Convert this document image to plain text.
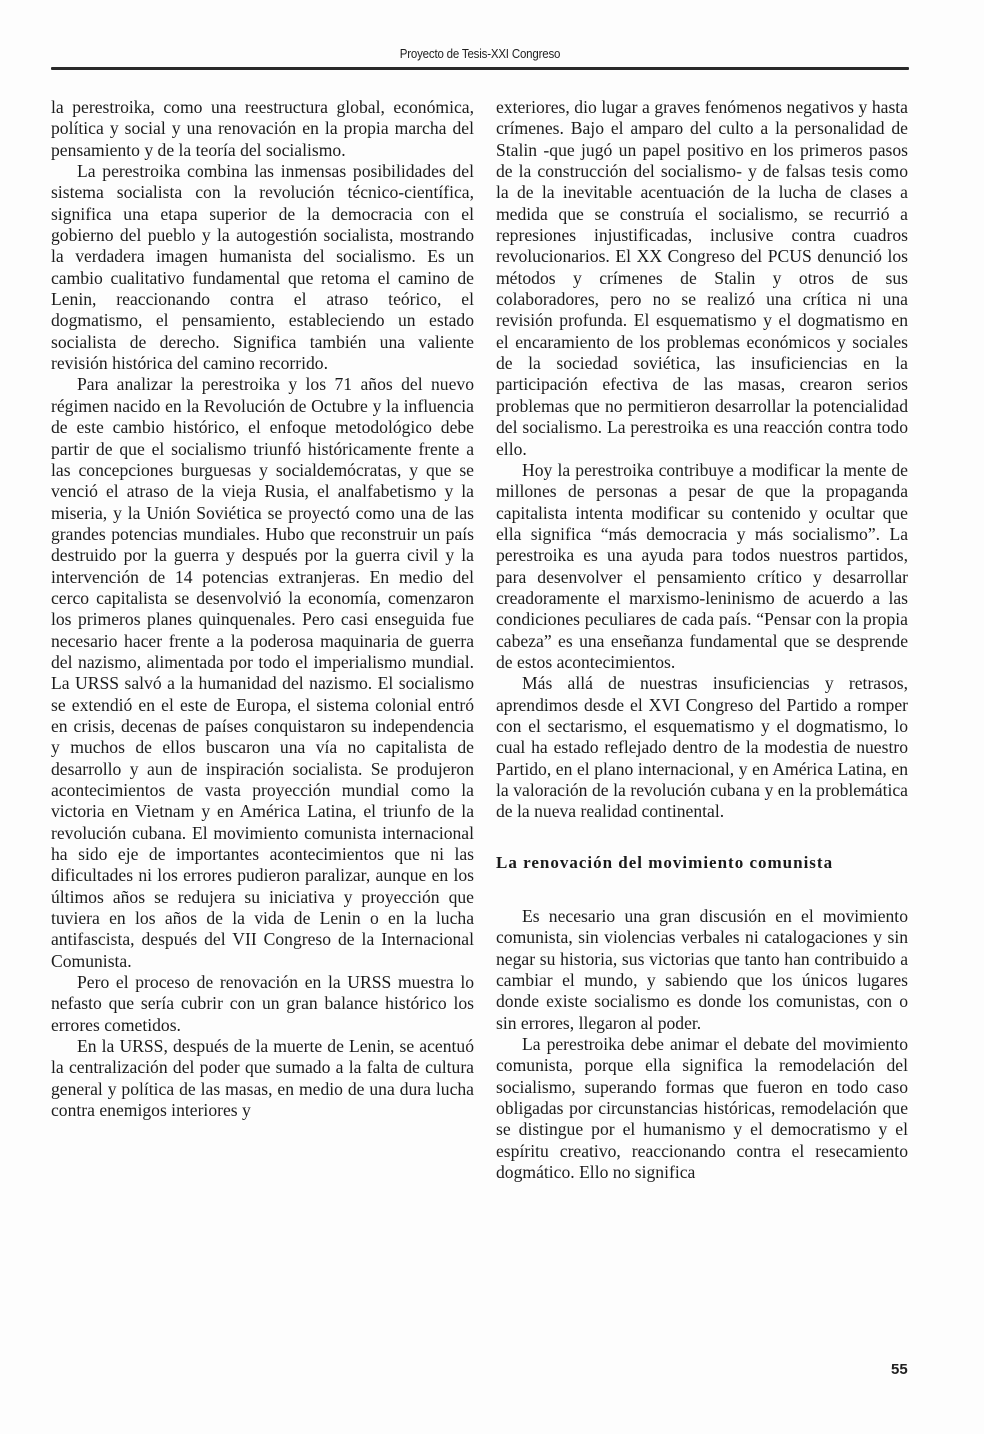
Proyecto de Tesis-XXI Congreso

la perestroika, como una reestructura global, económica, política y social y una renovación en la propia marcha del pensamiento y de la teoría del socialismo.

La perestroika combina las inmensas posibilidades del sistema socialista con la revolución técnico-científica, significa una etapa superior de la democracia con el gobierno del pueblo y la autogestión socialista, mostrando la verdadera imagen humanista del socialismo. Es un cambio cualitativo fundamental que retoma el camino de Lenin, reaccionando contra el atraso teórico, el dogmatismo, el pensamiento, estableciendo un estado socialista de derecho. Significa también una valiente revisión histórica del camino recorrido.

Para analizar la perestroika y los 71 años del nuevo régimen nacido en la Revolución de Octubre y la influencia de este cambio histórico, el enfoque metodológico debe partir de que el socialismo triunfó históricamente frente a las concepciones burguesas y socialdemócratas, y que se venció el atraso de la vieja Rusia, el analfabetismo y la miseria, y la Unión Soviética se proyectó como una de las grandes potencias mundiales. Hubo que reconstruir un país destruido por la guerra y después por la guerra civil y la intervención de 14 potencias extranjeras. En medio del cerco capitalista se desenvolvió la economía, comenzaron los primeros planes quinquenales. Pero casi enseguida fue necesario hacer frente a la poderosa maquinaria de guerra del nazismo, alimentada por todo el imperialismo mundial. La URSS salvó a la humanidad del nazismo. El socialismo se extendió en el este de Europa, el sistema colonial entró en crisis, decenas de países conquistaron su independencia y muchos de ellos buscaron una vía no capitalista de desarrollo y aun de inspiración socialista. Se produjeron acontecimientos de vasta proyección mundial como la victoria en Vietnam y en América Latina, el triunfo de la revolución cubana. El movimiento comunista internacional ha sido eje de importantes acontecimientos que ni las dificultades ni los errores pudieron paralizar, aunque en los últimos años se redujera su iniciativa y proyección que tuviera en los años de la vida de Lenin o en la lucha antifascista, después del VII Congreso de la Internacional Comunista.

Pero el proceso de renovación en la URSS muestra lo nefasto que sería cubrir con un gran balance histórico los errores cometidos.

En la URSS, después de la muerte de Lenin, se acentuó la centralización del poder que sumado a la falta de cultura general y política de las masas, en medio de una dura lucha contra enemigos interiores y

exteriores, dio lugar a graves fenómenos negativos y hasta crímenes. Bajo el amparo del culto a la personalidad de Stalin -que jugó un papel positivo en los primeros pasos de la construcción del socialismo- y de falsas tesis como la de la inevitable acentuación de la lucha de clases a medida que se construía el socialismo, se recurrió a represiones injustificadas, inclusive contra cuadros revolucionarios. El XX Congreso del PCUS denunció los métodos y crímenes de Stalin y otros de sus colaboradores, pero no se realizó una crítica ni una revisión profunda. El esquematismo y el dogmatismo en el encaramiento de los problemas económicos y sociales de la sociedad soviética, las insuficiencias en la participación efectiva de las masas, crearon serios problemas que no permitieron desarrollar la potencialidad del socialismo. La perestroika es una reacción contra todo ello.

Hoy la perestroika contribuye a modificar la mente de millones de personas a pesar de que la propaganda capitalista intenta modificar su contenido y ocultar que ella significa “más democracia y más socialismo”. La perestroika es una ayuda para todos nuestros partidos, para desenvolver el pensamiento crítico y desarrollar creadoramente el marxismo-leninismo de acuerdo a las condiciones peculiares de cada país. “Pensar con la propia cabeza” es una enseñanza fundamental que se desprende de estos acontecimientos.

Más allá de nuestras insuficiencias y retrasos, aprendimos desde el XVI Congreso del Partido a romper con el sectarismo, el esquematismo y el dogmatismo, lo cual ha estado reflejado dentro de la modestia de nuestro Partido, en el plano internacional, y en América Latina, en la valoración de la revolución cubana y en la problemática de la nueva realidad continental.

La renovación del movimiento comunista

Es necesario una gran discusión en el movimiento comunista, sin violencias verbales ni catalogaciones y sin negar su historia, sus victorias que tanto han contribuido a cambiar el mundo, y sabiendo que los únicos lugares donde existe socialismo es donde los comunistas, con o sin errores, llegaron al poder.

La perestroika debe animar el debate del movimiento comunista, porque ella significa la remodelación del socialismo, superando formas que fueron en todo caso obligadas por circunstancias históricas, remodelación que se distingue por el humanismo y el democratismo y el espíritu creativo, reaccionando contra el resecamiento dogmático. Ello no significa

55
